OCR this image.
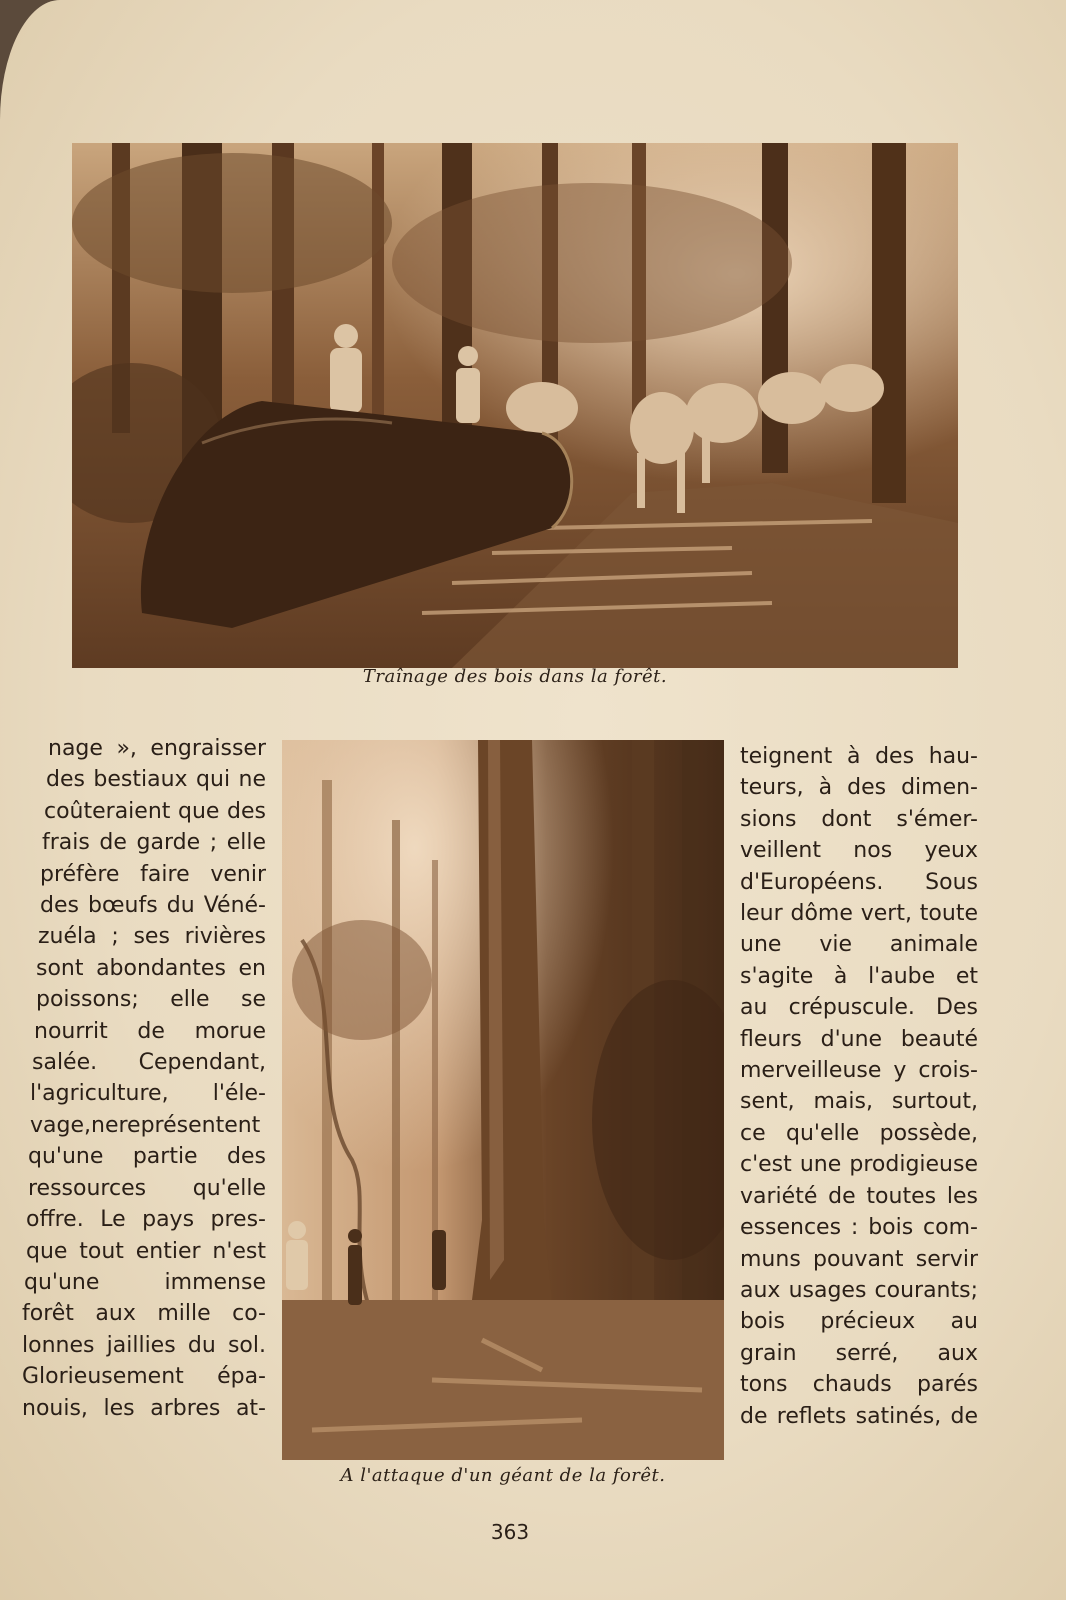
Traînage des bois dans la forêt.
A l'attaque d'un géant de la forêt.
nage », engraisser
des bestiaux qui ne
coûteraient que des
frais de garde ; elle
préfère faire venir
des bœufs du Véné-
zuéla ; ses rivières
sont abondantes en
poissons; elle se
nourrit de morue
salée. Cependant,
l'agriculture, l'éle-
vage,nereprésentent
qu'une partie des
ressources qu'elle
offre. Le pays pres-
que tout entier n'est
qu'une immense
forêt aux mille co-
lonnes jaillies du sol.
Glorieusement épa-
nouis, les arbres at-
teignent à des hau-
teurs, à des dimen-
sions dont s'émer-
veillent nos yeux
d'Européens. Sous
leur dôme vert, toute
une vie animale
s'agite à l'aube et
au crépuscule. Des
fleurs d'une beauté
merveilleuse y crois-
sent, mais, surtout,
ce qu'elle possède,
c'est une prodigieuse
variété de toutes les
essences : bois com-
muns pouvant servir
aux usages courants;
bois précieux au
grain serré, aux
tons chauds parés
de reflets satinés, de
363
